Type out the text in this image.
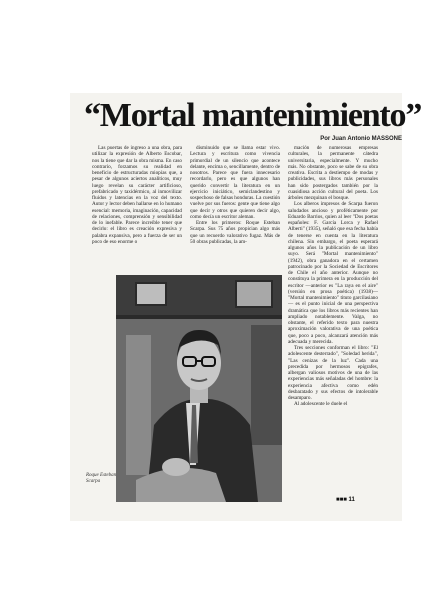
“Mortal mantenimiento”
Por Juan Antonio MASSONE

Las puertas de ingreso a una obra, para utilizar la expresión de Alberto Escobar, nos la tiene que dar la obra misma. En caso contrario, forzamos su realidad en beneficio de estructuradas miopías que, a pesar de algunos aciertos analíticos, muy luego revelan su carácter artificioso, prefabricado y taxidérmico, al inmovilizar fluidos y latencias en la voz del texto. Autor y lector deben hallarse en lo humano esencial: memoria, imaginación, capacidad de relaciones, comprensión y sensibilidad de lo inefable. Parece increíble tener que decirlo: el libro es creación expresiva y palabra expansiva, pero a fuerza de ser un poco de eso enorme o

disminuido que se llama estar vivo. Lectura y escritura como vivencia primordial de un silencio que acontece delante, encima o, sencillamente, dentro de nosotros. Parece que fuera innecesario recordarlo, pero es que algunos han querido convertir la literatura en un ejercicio iniciático, semiclandestino y sospechoso de falsas honduras. La cuestión vuelve por sus fueros: gente que tiene algo que decir y otros que quieren decir algo, como decía un escritor aleman.

Entre los primeros: Roque Esteban Scarpa. Sus 75 años propician algo más que un recuerdo valorativo fugaz. Más de 50 obras publicadas, la am-

mación de numerosas empresas culturales, la permanente cátedra universitaria, especialmente. Y mucho más. No obstante, poco se sabe de su obra creativa. Escrita a destiempo de modas y publicidades, sus libros más personales han sido postergados también por la cuasidiosa acción cultural del poeta. Los árboles mezquinan el bosque.

Los alberos impresos de Scarpa fueron saludados ancioso y proféticamente por Eduardo Barrios, quien al leer "Dos poetas españoles: F. García Lorca y Rafael Alberti" (1935), señaló que esa fecha había de tenerse en cuenta en la literatura chilena. Sin embargo, el poeta esperará algunos años la publicación de un libro suyo. Será "Mortal mantenimiento" (1942), obra ganadora en el certamen patrocinado por la Sociedad de Escritores de Chile el año anterior. Aunque no constituya la primera en la producción del escritor —anterior es "La raya en el aire" (versión en prosa poética) (1938)— "Mortal mantenimiento" tituto garcilasiano— es el punto inicial de una perspectiva dramática que los libros más recientes han ampliado notablemente. Valga, no obstante, el referido texto para nuestra aproximación valorativa de una poética que, poco a poco, alcanzará atención más adecuada y merecida.

Tres secciones conforman el libro: "El adolescente desterrado", "Soledad herida", "Las cenizas de la luz". Cada una precedida por hermosos epígrafes, albergan valiosos motivos de una de las experiencias más señaladas del hombre: la experiencia afectiva como edén desbaratado y sus efectos de intolerable desamparo.

Al adolescente le duele el

Roque Esteban Scarpa
■■■ 11
